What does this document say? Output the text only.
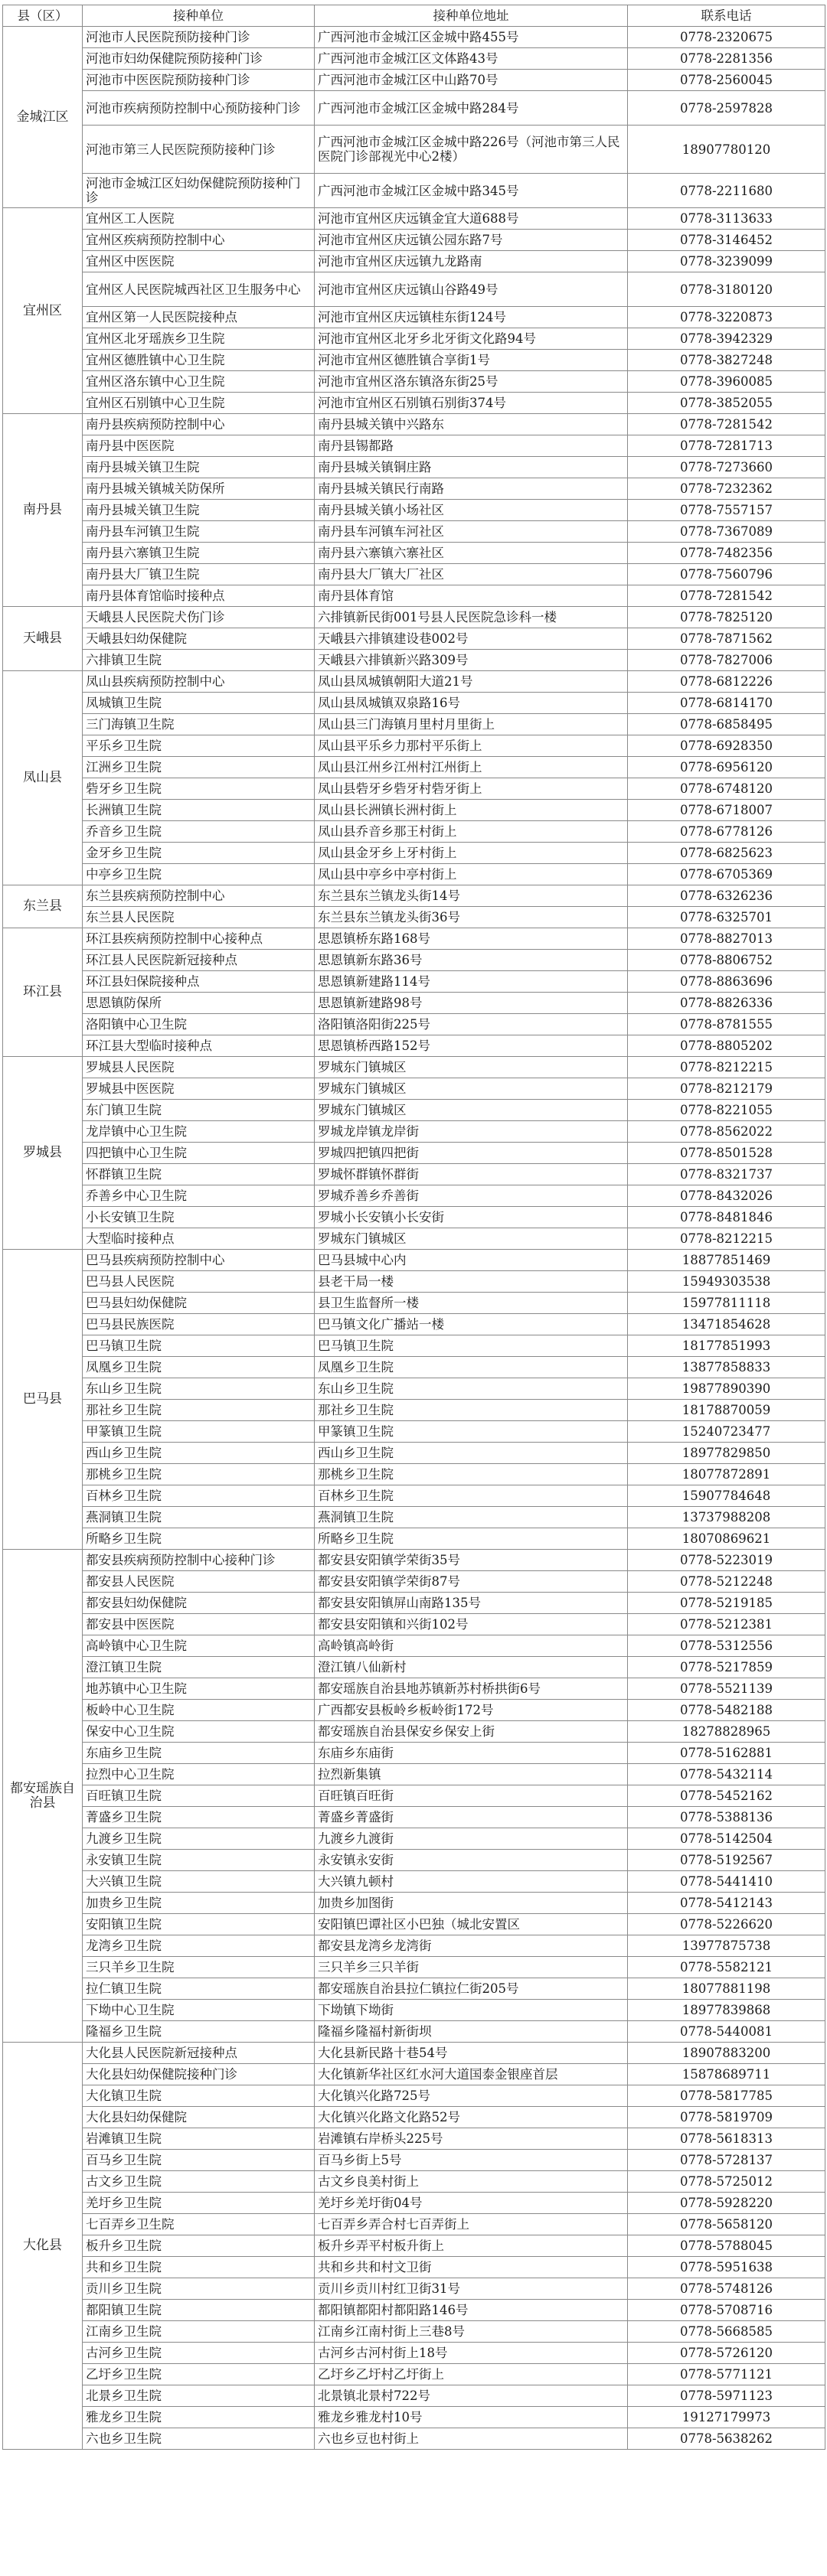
县（区）	接种单位	接种单位地址	联系电话
金城江区	河池市人民医院预防接种门诊	广西河池市金城江区金城中路455号	0778-2320675
	河池市妇幼保健院预防接种门诊	广西河池市金城江区文体路43号	0778-2281356
	河池市中医医院预防接种门诊	广西河池市金城江区中山路70号	0778-2560045
	河池市疾病预防控制中心预防接种门诊	广西河池市金城江区金城中路284号	0778-2597828
	河池市第三人民医院预防接种门诊	广西河池市金城江区金城中路226号（河池市第三人民医院门诊部视光中心2楼）	18907780120
	河池市金城江区妇幼保健院预防接种门诊	广西河池市金城江区金城中路345号	0778-2211680
宜州区	宜州区工人医院	河池市宜州区庆远镇金宜大道688号	0778-3113633
	宜州区疾病预防控制中心	河池市宜州区庆远镇公园东路7号	0778-3146452
	宜州区中医医院	河池市宜州区庆远镇九龙路南	0778-3239099
	宜州区人民医院城西社区卫生服务中心	河池市宜州区庆远镇山谷路49号	0778-3180120
	宜州区第一人民医院接种点	河池市宜州区庆远镇桂东街124号	0778-3220873
	宜州区北牙瑶族乡卫生院	河池市宜州区北牙乡北牙街文化路94号	0778-3942329
	宜州区德胜镇中心卫生院	河池市宜州区德胜镇合享街1号	0778-3827248
	宜州区洛东镇中心卫生院	河池市宜州区洛东镇洛东街25号	0778-3960085
	宜州区石别镇中心卫生院	河池市宜州区石别镇石别街374号	0778-3852055
南丹县	南丹县疾病预防控制中心	南丹县城关镇中兴路东	0778-7281542
	南丹县中医医院	南丹县锡都路	0778-7281713
	南丹县城关镇卫生院	南丹县城关镇铜庄路	0778-7273660
	南丹县城关镇城关防保所	南丹县城关镇民行南路	0778-7232362
	南丹县城关镇卫生院	南丹县城关镇小场社区	0778-7557157
	南丹县车河镇卫生院	南丹县车河镇车河社区	0778-7367089
	南丹县六寨镇卫生院	南丹县六寨镇六寨社区	0778-7482356
	南丹县大厂镇卫生院	南丹县大厂镇大厂社区	0778-7560796
	南丹县体育馆临时接种点	南丹县体育馆	0778-7281542
天峨县	天峨县人民医院犬伤门诊	六排镇新民街001号县人民医院急诊科一楼	0778-7825120
	天峨县妇幼保健院	天峨县六排镇建设巷002号	0778-7871562
	六排镇卫生院	天峨县六排镇新兴路309号	0778-7827006
凤山县	凤山县疾病预防控制中心	凤山县凤城镇朝阳大道21号	0778-6812226
	凤城镇卫生院	凤山县凤城镇双泉路16号	0778-6814170
	三门海镇卫生院	凤山县三门海镇月里村月里街上	0778-6858495
	平乐乡卫生院	凤山县平乐乡力那村平乐街上	0778-6928350
	江洲乡卫生院	凤山县江州乡江州村江州街上	0778-6956120
	砦牙乡卫生院	凤山县砦牙乡砦牙村砦牙街上	0778-6748120
	长洲镇卫生院	凤山县长洲镇长洲村街上	0778-6718007
	乔音乡卫生院	凤山县乔音乡那王村街上	0778-6778126
	金牙乡卫生院	凤山县金牙乡上牙村街上	0778-6825623
	中亭乡卫生院	凤山县中亭乡中亭村街上	0778-6705369
东兰县	东兰县疾病预防控制中心	东兰县东兰镇龙头街14号	0778-6326236
	东兰县人民医院	东兰县东兰镇龙头街36号	0778-6325701
环江县	环江县疾病预防控制中心接种点	思恩镇桥东路168号	0778-8827013
	环江县人民医院新冠接种点	思恩镇新东路36号	0778-8806752
	环江县妇保院接种点	思恩镇新建路114号	0778-8863696
	思恩镇防保所	思恩镇新建路98号	0778-8826336
	洛阳镇中心卫生院	洛阳镇洛阳街225号	0778-8781555
	环江县大型临时接种点	思恩镇桥西路152号	0778-8805202
罗城县	罗城县人民医院	罗城东门镇城区	0778-8212215
	罗城县中医医院	罗城东门镇城区	0778-8212179
	东门镇卫生院	罗城东门镇城区	0778-8221055
	龙岸镇中心卫生院	罗城龙岸镇龙岸街	0778-8562022
	四把镇中心卫生院	罗城四把镇四把街	0778-8501528
	怀群镇卫生院	罗城怀群镇怀群街	0778-8321737
	乔善乡中心卫生院	罗城乔善乡乔善街	0778-8432026
	小长安镇卫生院	罗城小长安镇小长安街	0778-8481846
	大型临时接种点	罗城东门镇城区	0778-8212215
巴马县	巴马县疾病预防控制中心	巴马县城中心内	18877851469
	巴马县人民医院	县老干局一楼	15949303538
	巴马县妇幼保健院	县卫生监督所一楼	15977811118
	巴马县民族医院	巴马镇文化广播站一楼	13471854628
	巴马镇卫生院	巴马镇卫生院	18177851993
	凤凰乡卫生院	凤凰乡卫生院	13877858833
	东山乡卫生院	东山乡卫生院	19877890390
	那社乡卫生院	那社乡卫生院	18178870059
	甲篆镇卫生院	甲篆镇卫生院	15240723477
	西山乡卫生院	西山乡卫生院	18977829850
	那桃乡卫生院	那桃乡卫生院	18077872891
	百林乡卫生院	百林乡卫生院	15907784648
	燕洞镇卫生院	燕洞镇卫生院	13737988208
	所略乡卫生院	所略乡卫生院	18070869621
都安瑶族自治县	都安县疾病预防控制中心接种门诊	都安县安阳镇学荣街35号	0778-5223019
	都安县人民医院	都安县安阳镇学荣街87号	0778-5212248
	都安县妇幼保健院	都安县安阳镇屏山南路135号	0778-5219185
	都安县中医医院	都安县安阳镇和兴街102号	0778-5212381
	高岭镇中心卫生院	高岭镇高岭街	0778-5312556
	澄江镇卫生院	澄江镇八仙新村	0778-5217859
	地苏镇中心卫生院	都安瑶族自治县地苏镇新苏村桥拱街6号	0778-5521139
	板岭中心卫生院	广西都安县板岭乡板岭街172号	0778-5482188
	保安中心卫生院	都安瑶族自治县保安乡保安上街	18278828965
	东庙乡卫生院	东庙乡东庙街	0778-5162881
	拉烈中心卫生院	拉烈新集镇	0778-5432114
	百旺镇卫生院	百旺镇百旺街	0778-5452162
	菁盛乡卫生院	菁盛乡菁盛街	0778-5388136
	九渡乡卫生院	九渡乡九渡街	0778-5142504
	永安镇卫生院	永安镇永安街	0778-5192567
	大兴镇卫生院	大兴镇九顿村	0778-5441410
	加贵乡卫生院	加贵乡加图街	0778-5412143
	安阳镇卫生院	安阳镇巴谭社区小巴独（城北安置区	0778-5226620
	龙湾乡卫生院	都安县龙湾乡龙湾街	13977875738
	三只羊乡卫生院	三只羊乡三只羊街	0778-5582121
	拉仁镇卫生院	都安瑶族自治县拉仁镇拉仁街205号	18077881198
	下坳中心卫生院	下坳镇下坳街	18977839868
	隆福乡卫生院	隆福乡隆福村新街坝	0778-5440081
大化县	大化县人民医院新冠接种点	大化县新民路十巷54号	18907883200
	大化县妇幼保健院接种门诊	大化镇新华社区红水河大道国泰金银座首层	15878689711
	大化镇卫生院	大化镇兴化路725号	0778-5817785
	大化县妇幼保健院	大化镇兴化路文化路52号	0778-5819709
	岩滩镇卫生院	岩滩镇右岸桥头225号	0778-5618313
	百马乡卫生院	百马乡街上5号	0778-5728137
	古文乡卫生院	古文乡良美村街上	0778-5725012
	羌圩乡卫生院	羌圩乡羌圩街04号	0778-5928220
	七百弄乡卫生院	七百弄乡弄合村七百弄街上	0778-5658120
	板升乡卫生院	板升乡弄平村板升街上	0778-5788045
	共和乡卫生院	共和乡共和村文卫街	0778-5951638
	贡川乡卫生院	贡川乡贡川村红卫街31号	0778-5748126
	都阳镇卫生院	都阳镇都阳村都阳路146号	0778-5708716
	江南乡卫生院	江南乡江南村街上三巷8号	0778-5668585
	古河乡卫生院	古河乡古河村街上18号	0778-5726120
	乙圩乡卫生院	乙圩乡乙圩村乙圩街上	0778-5771121
	北景乡卫生院	北景镇北景村722号	0778-5971123
	雅龙乡卫生院	雅龙乡雅龙村10号	19127179973
	六也乡卫生院	六也乡豆也村街上	0778-5638262
